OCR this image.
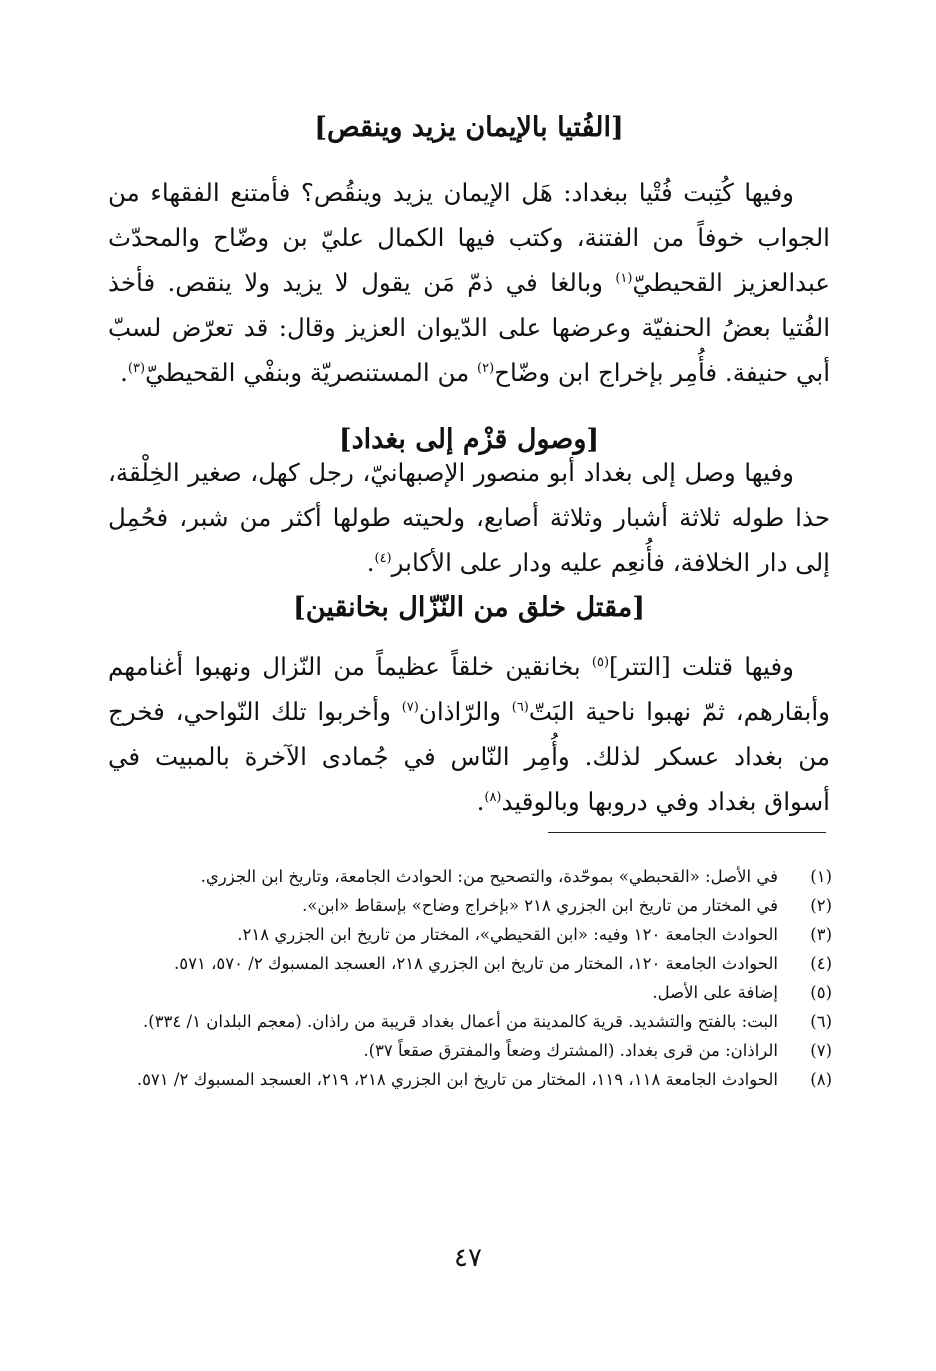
[الفُتيا بالإيمان يزيد وينقص]

وفيها كُتِبت فُتْيا ببغداد: هَل الإيمان يزيد وينقُص؟ فأمتنع الفقهاء من الجواب خوفاً من الفتنة، وكتب فيها الكمال عليّ بن وضّاح والمحدّث عبدالعزيز القحيطيّ$^{(١)}$ وبالغا في ذمّ مَن يقول لا يزيد ولا ينقص. فأخذ الفُتيا بعضُ الحنفيّة وعرضها على الدّيوان العزيز وقال: قد تعرّض لسبّ أبي حنيفة. فأُمِر بإخراج ابن وضّاح$^{(٢)}$ من المستنصريّة وبنفْي القحيطيّ$^{(٣)}$.

[وصول قزْم إلى بغداد]

وفيها وصل إلى بغداد أبو منصور الإصبهانيّ، رجل كهل، صغير الخِلْقة، حذا طوله ثلاثة أشبار وثلاثة أصابع، ولحيته طولها أكثر من شبر، فحُمِل إلى دار الخلافة، فأُنعِم عليه ودار على الأكابر$^{(٤)}$.

[مقتل خلق من النّزّال بخانقين]

وفيها قتلت [التتر]$^{(٥)}$ بخانقين خلقاً عظيماً من النّزال ونهبوا أغنامهم وأبقارهم، ثمّ نهبوا ناحية البَتّ$^{(٦)}$ والرّاذان$^{(٧)}$ وأخربوا تلك النّواحي، فخرج من بغداد عسكر لذلك. وأُمِر النّاس في جُمادى الآخرة بالمبيت في أسواق بغداد وفي دروبها وبالوقيد$^{(٨)}$.

(١)
في الأصل: «القحبطي» بموحّدة، والتصحيح من: الحوادث الجامعة، وتاريخ ابن الجزري.
(٢)
في المختار من تاريخ ابن الجزري ٢١٨ «بإخراج وضاح» بإسقاط «ابن».
(٣)
الحوادث الجامعة ١٢٠ وفيه: «ابن القحيطي»، المختار من تاريخ ابن الجزري ٢١٨.
(٤)
الحوادث الجامعة ١٢٠، المختار من تاريخ ابن الجزري ٢١٨، العسجد المسبوك ٢/ ٥٧٠، ٥٧١.
(٥)
إضافة على الأصل.
(٦)
البت: بالفتح والتشديد. قرية كالمدينة من أعمال بغداد قريبة من راذان. (معجم البلدان ١/ ٣٣٤).
(٧)
الراذان: من قرى بغداد. (المشترك وضعاً والمفترق صقعاً ٣٧).
(٨)
الحوادث الجامعة ١١٨، ١١٩، المختار من تاريخ ابن الجزري ٢١٨، ٢١٩، العسجد المسبوك ٢/ ٥٧١.
٤٧
